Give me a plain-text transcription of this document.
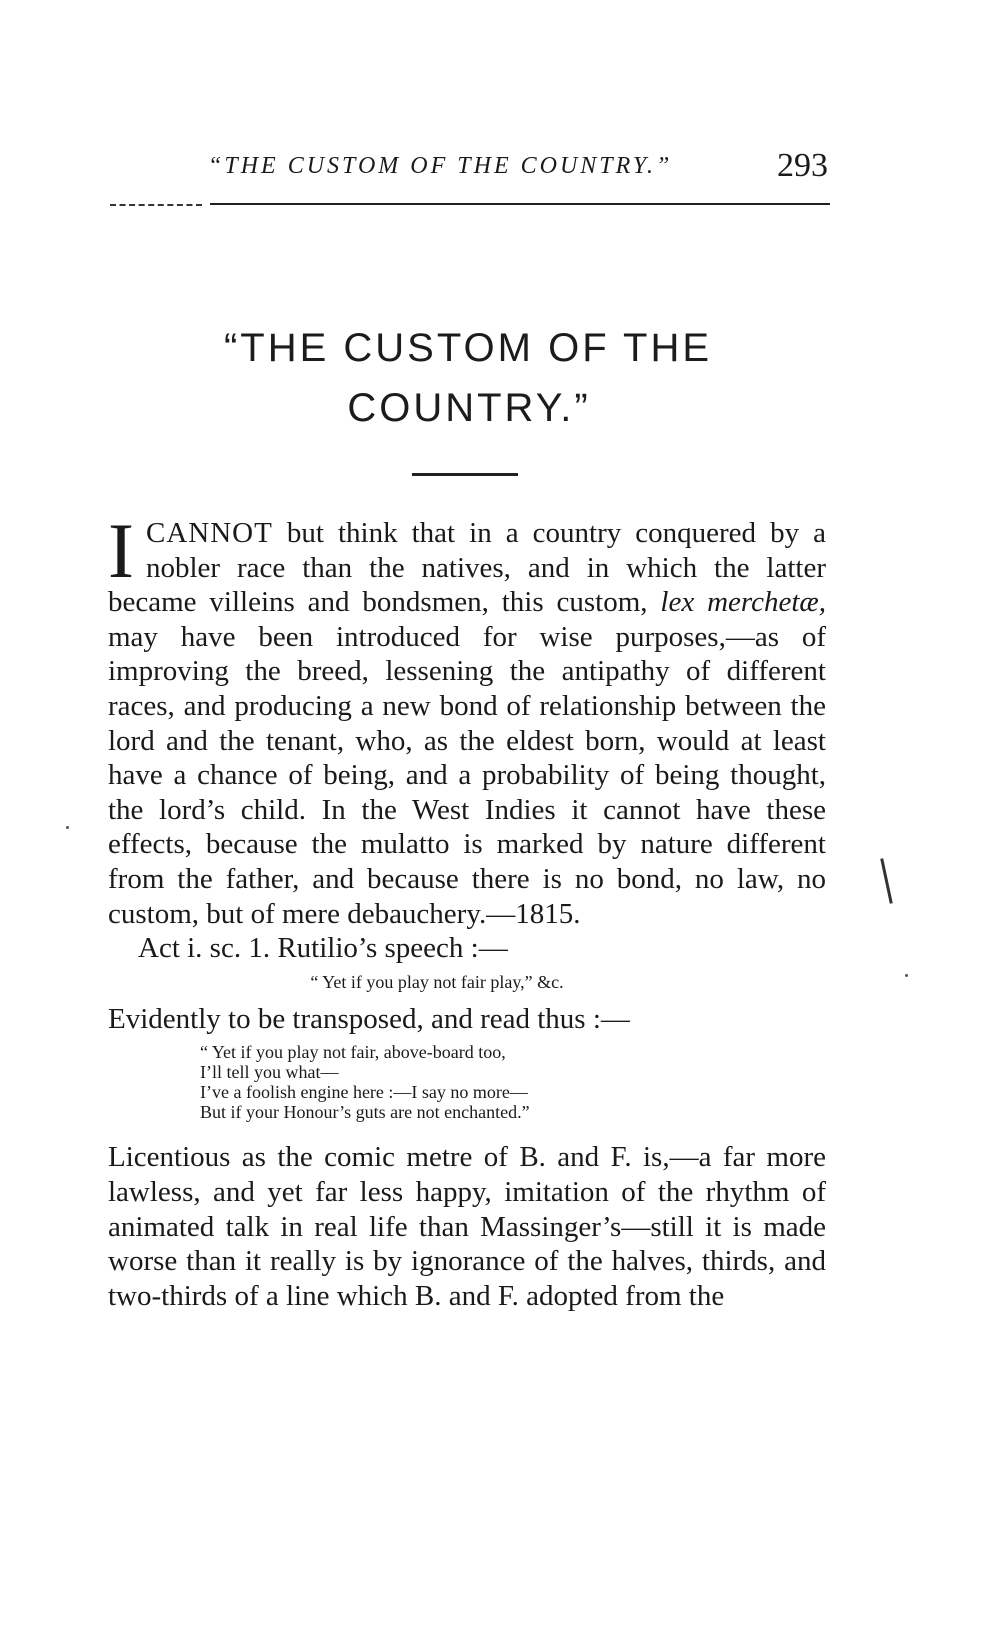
“THE CUSTOM OF THE COUNTRY.”	293
“THE CUSTOM OF THE
COUNTRY.”

ICANNOT but think that in a country conquered by a nobler race than the natives, and in which the latter became villeins and bondsmen, this custom, lex merchetæ, may have been introduced for wise purposes,—as of improving the breed, lessening the antipathy of different races, and producing a new bond of relationship between the lord and the tenant, who, as the eldest born, would at least have a chance of being, and a probability of being thought, the lord’s child. In the West Indies it cannot have these effects, because the mulatto is marked by nature different from the father, and because there is no bond, no law, no custom, but of mere debauchery.—1815.

Act i. sc. 1. Rutilio’s speech :—

“ Yet if you play not fair play,” &c.

Evidently to be transposed, and read thus :—

“ Yet if you play not fair, above-board too,
I’ll tell you what—
I’ve a foolish engine here :—I say no more—
But if your Honour’s guts are not enchanted.”

Licentious as the comic metre of B. and F. is,—a far more lawless, and yet far less happy, imitation of the rhythm of animated talk in real life than Massinger’s—still it is made worse than it really is by ignorance of the halves, thirds, and two-thirds of a line which B. and F. adopted from the
